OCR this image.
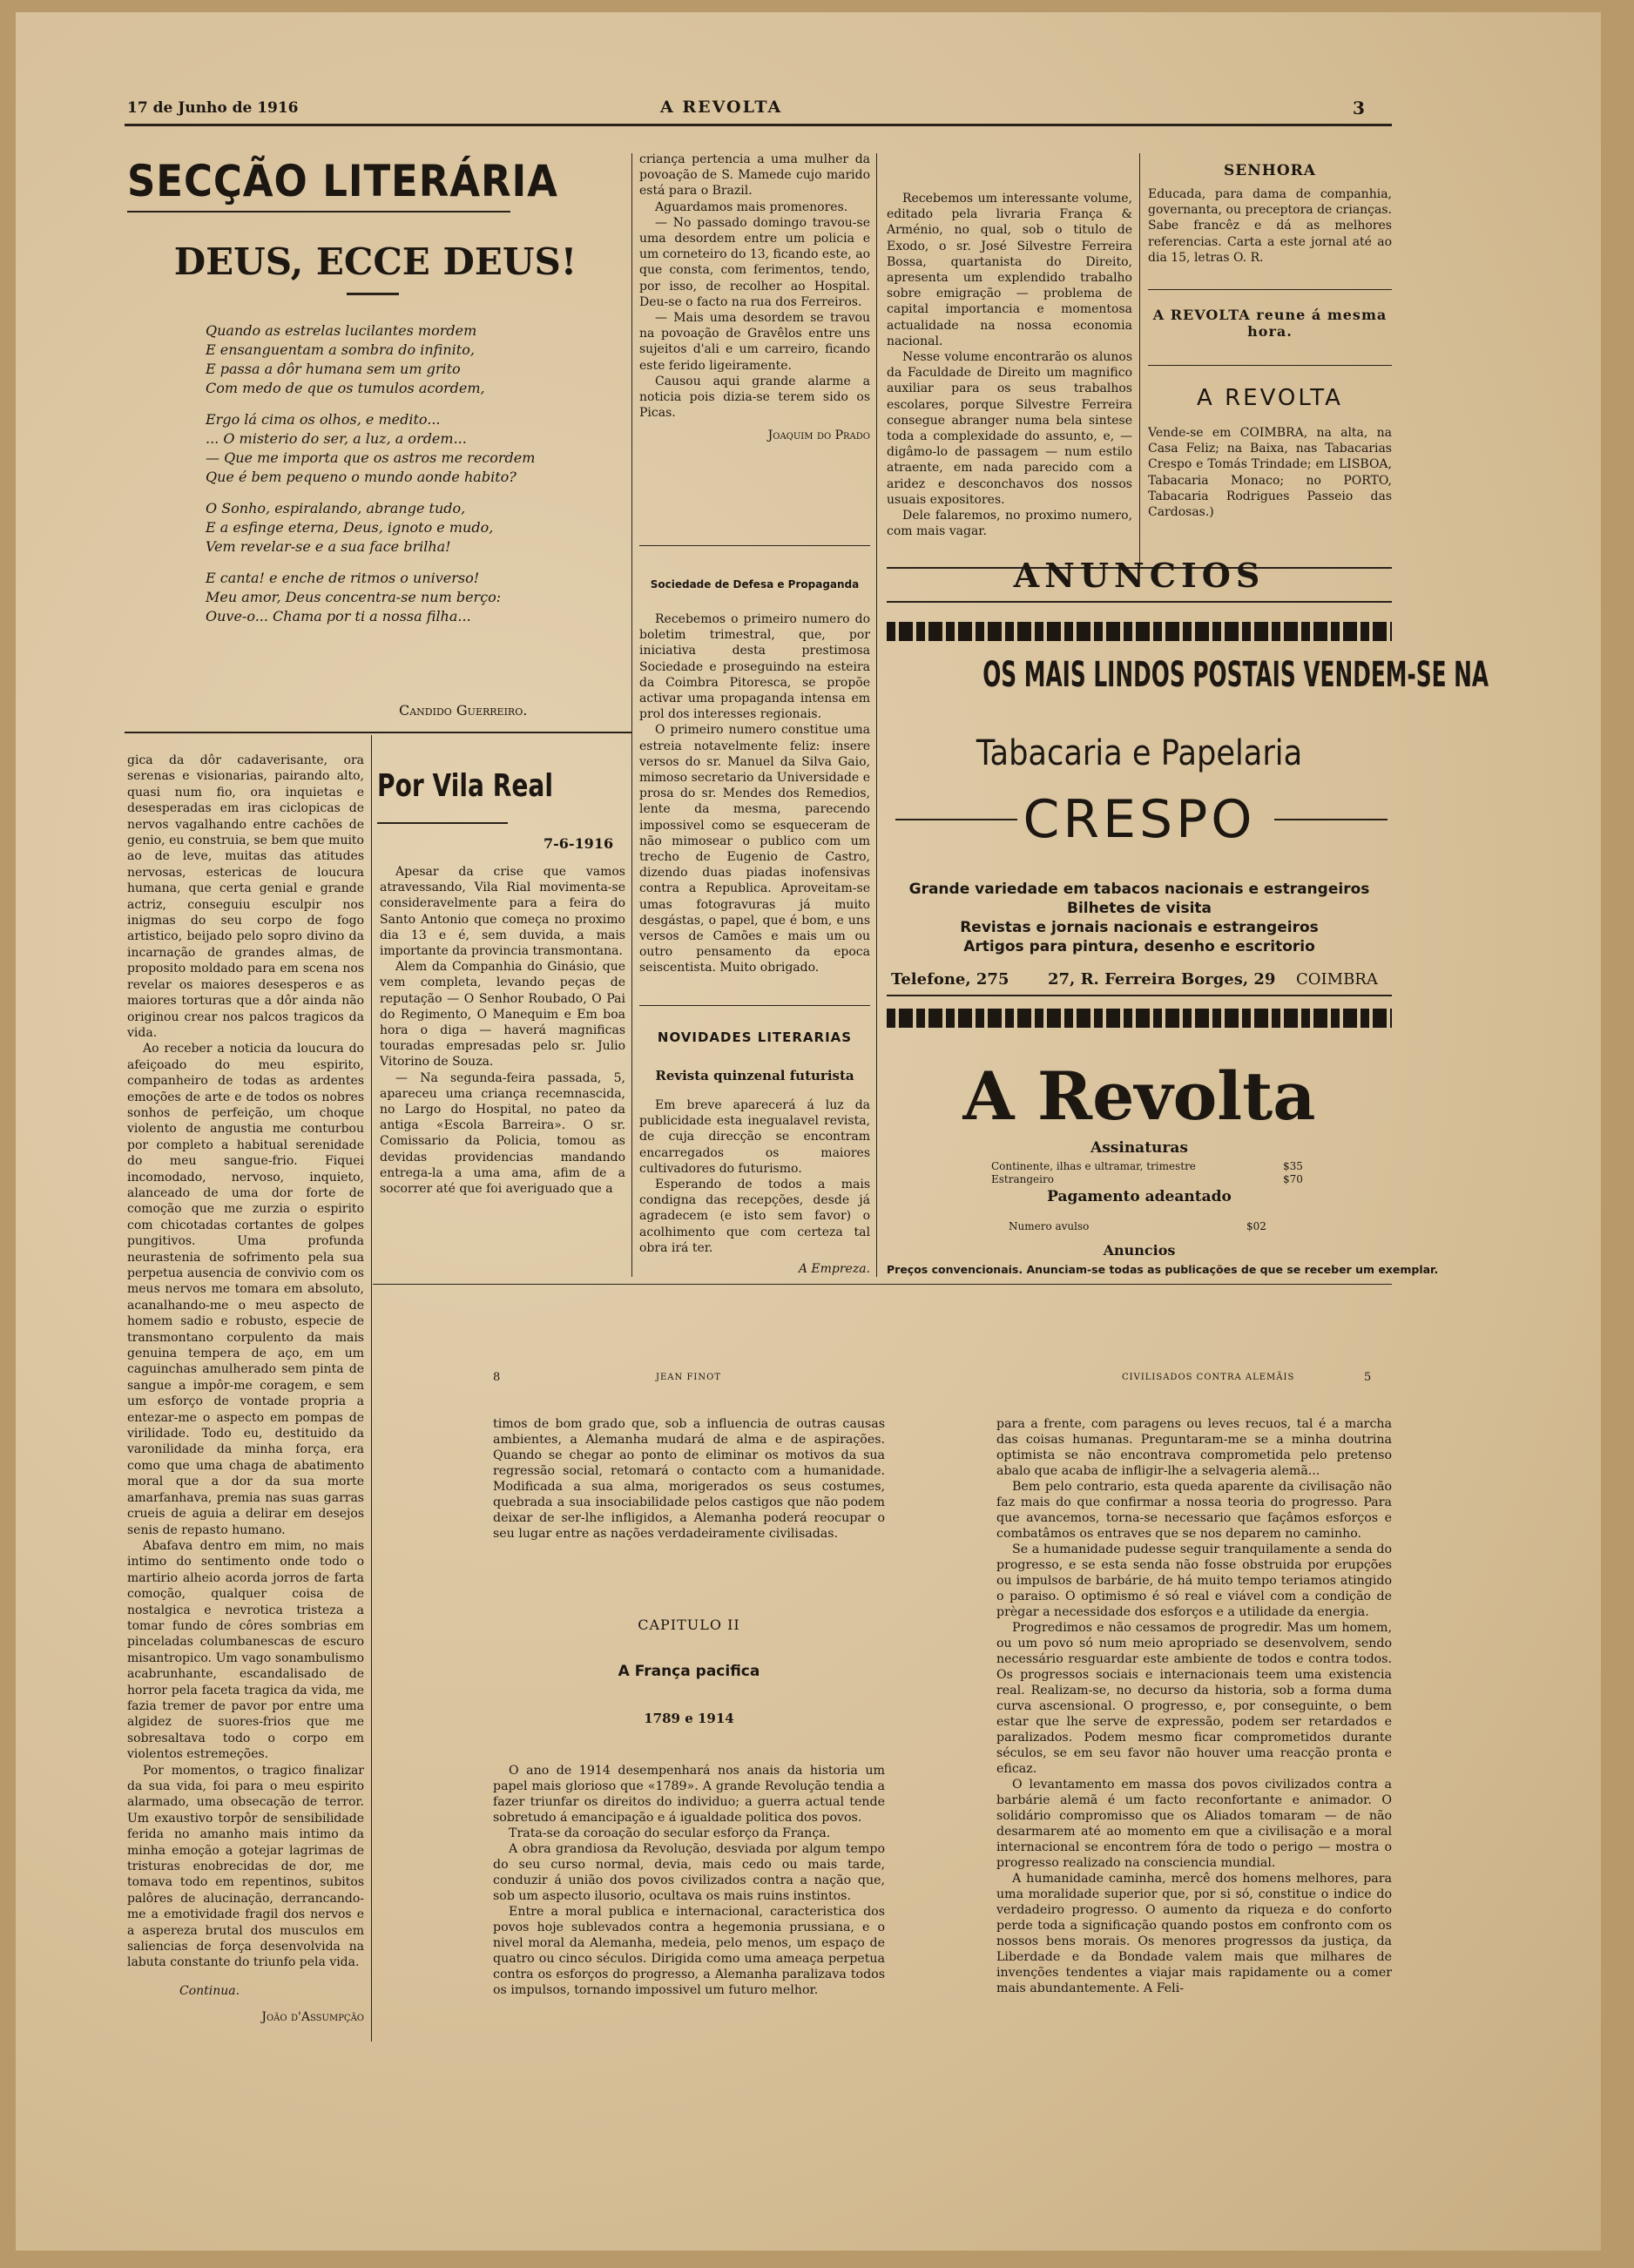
17 de Junho de 1916	A REVOLTA	3
SECÇÃO LITERÁRIA
DEUS, ECCE DEUS!

Quando as estrelas lucilantes mordem

E ensanguentam a sombra do infinito,

E passa a dôr humana sem um grito

Com medo de que os tumulos acordem,

Ergo lá cima os olhos, e medito...

... O misterio do ser, a luz, a ordem...

— Que me importa que os astros me recordem

Que é bem pequeno o mundo aonde habito?

O Sonho, espiralando, abrange tudo,

E a esfinge eterna, Deus, ignoto e mudo,

Vem revelar-se e a sua face brilha!

E canta! e enche de ritmos o universo!

Meu amor, Deus concentra-se num berço:

Ouve-o... Chama por ti a nossa filha...

Candido Guerreiro.

gica da dôr cadaverisante, ora serenas e visionarias, pairando alto, quasi num fio, ora inquietas e desesperadas em iras ciclopicas de nervos vagalhando entre cachões de genio, eu construia, se bem que muito ao de leve, muitas das atitudes nervosas, estericas de loucura humana, que certa genial e grande actriz, conseguiu esculpir nos inigmas do seu corpo de fogo artistico, beijado pelo sopro divino da incarnação de grandes almas, de proposito moldado para em scena nos revelar os maiores desesperos e as maiores torturas que a dôr ainda não originou crear nos palcos tragicos da vida.

Ao receber a noticia da loucura do afeiçoado do meu espirito, companheiro de todas as ardentes emoções de arte e de todos os nobres sonhos de perfeição, um choque violento de angustia me conturbou por completo a habitual serenidade do meu sangue-frio. Fiquei incomodado, nervoso, inquieto, alanceado de uma dor forte de comoção que me zurzia o espirito com chicotadas cortantes de golpes pungitivos. Uma profunda neurastenia de sofrimento pela sua perpetua ausencia de convivio com os meus nervos me tomara em absoluto, acanalhando-me o meu aspecto de homem sadio e robusto, especie de transmontano corpulento da mais genuina tempera de aço, em um caguinchas amulherado sem pinta de sangue a impôr-me coragem, e sem um esforço de vontade propria a entezar-me o aspecto em pompas de virilidade. Todo eu, destituido da varonilidade da minha força, era como que uma chaga de abatimento moral que a dor da sua morte amarfanhava, premia nas suas garras crueis de aguia a delirar em desejos senis de repasto humano.

Abafava dentro em mim, no mais intimo do sentimento onde todo o martirio alheio acorda jorros de farta comoção, qualquer coisa de nostalgica e nevrotica tristeza a tomar fundo de côres sombrias em pinceladas columbanescas de escuro misantropico. Um vago sonambulismo acabrunhante, escandalisado de horror pela faceta tragica da vida, me fazia tremer de pavor por entre uma algidez de suores-frios que me sobresaltava todo o corpo em violentos estremeções.

Por momentos, o tragico finalizar da sua vida, foi para o meu espirito alarmado, uma obsecação de terror. Um exaustivo torpôr de sensibilidade ferida no amanho mais intimo da minha emoção a gotejar lagrimas de tristuras enobrecidas de dor, me tomava todo em repentinos, subitos palôres de alucinação, derrancando-me a emotividade fragil dos nervos e a aspereza brutal dos musculos em saliencias de força desenvolvida na labuta constante do triunfo pela vida.

Continua.
João d'Assumpção
Por Vila Real
7-6-1916

Apesar da crise que vamos atravessando, Vila Rial movimenta-se consideravelmente para a feira do Santo Antonio que começa no proximo dia 13 e é, sem duvida, a mais importante da provincia transmontana.

Alem da Companhia do Ginásio, que vem completa, levando peças de reputação — O Senhor Roubado, O Pai do Regimento, O Manequim e Em boa hora o diga — haverá magnificas touradas empresadas pelo sr. Julio Vitorino de Souza.

— Na segunda-feira passada, 5, apareceu uma criança recemnascida, no Largo do Hospital, no pateo da antiga «Escola Barreira». O sr. Comissario da Policia, tomou as devidas providencias mandando entrega-la a uma ama, afim de a socorrer até que foi averiguado que a

criança pertencia a uma mulher da povoação de S. Mamede cujo marido está para o Brazil.

Aguardamos mais promenores.

— No passado domingo travou-se uma desordem entre um policia e um corneteiro do 13, ficando este, ao que consta, com ferimentos, tendo, por isso, de recolher ao Hospital. Deu-se o facto na rua dos Ferreiros.

— Mais uma desordem se travou na povoação de Gravêlos entre uns sujeitos d'ali e um carreiro, ficando este ferido ligeiramente.

Causou aqui grande alarme a noticia pois dizia-se terem sido os Picas.

Joaquim do Prado
Sociedade de Defesa e Propaganda

Recebemos o primeiro numero do boletim trimestral, que, por iniciativa desta prestimosa Sociedade e proseguindo na esteira da Coimbra Pitoresca, se propõe activar uma propaganda intensa em prol dos interesses regionais.

O primeiro numero constitue uma estreia notavelmente feliz: insere versos do sr. Manuel da Silva Gaio, mimoso secretario da Universidade e prosa do sr. Mendes dos Remedios, lente da mesma, parecendo impossivel como se esqueceram de não mimosear o publico com um trecho de Eugenio de Castro, dizendo duas piadas inofensivas contra a Republica. Aproveitam-se umas fotogravuras já muito desgástas, o papel, que é bom, e uns versos de Camões e mais um ou outro pensamento da epoca seiscentista. Muito obrigado.

NOVIDADES LITERARIAS
Revista quinzenal futurista

Em breve aparecerá á luz da publicidade esta inegualavel revista, de cuja direcção se encontram encarregados os maiores cultivadores do futurismo.

Esperando de todos a mais condigna das recepções, desde já agradecem (e isto sem favor) o acolhimento que com certeza tal obra irá ter.

A Empreza.

Recebemos um interessante volume, editado pela livraria França & Arménio, no qual, sob o titulo de Exodo, o sr. José Silvestre Ferreira Bossa, quartanista do Direito, apresenta um explendido trabalho sobre emigração — problema de capital importancia e momentosa actualidade na nossa economia nacional.

Nesse volume encontrarão os alunos da Faculdade de Direito um magnifico auxiliar para os seus trabalhos escolares, porque Silvestre Ferreira consegue abranger numa bela sintese toda a complexidade do assunto, e, — digâmo-lo de passagem — num estilo atraente, em nada parecido com a aridez e desconchavos dos nossos usuais expositores.

Dele falaremos, no proximo numero, com mais vagar.

SENHORA
Educada, para dama de companhia, governanta, ou preceptora de crianças. Sabe francêz e dá as melhores referencias. Carta a este jornal até ao dia 15, letras O. R.
A REVOLTA reune á mesma hora.
A REVOLTA
Vende-se em COIMBRA, na alta, na Casa Feliz; na Baixa, nas Tabacarias Crespo e Tomás Trindade; em LISBOA, Tabacaria Monaco; no PORTO, Tabacaria Rodrigues Passeio das Cardosas.)
ANUNCIOS
OS MAIS LINDOS POSTAIS VENDEM-SE NA
Tabacaria e Papelaria
CRESPO
Grande variedade em tabacos nacionais e estrangeiros
Bilhetes de visita
Revistas e jornais nacionais e estrangeiros
Artigos para pintura, desenho e escritorio
Telefone, 275 27, R. Ferreira Borges, 29 COIMBRA
A Revolta
Assinaturas
Continente, ilhas e ultramar, trimestre	$35
Estrangeiro	$70
Pagamento adeantado
Numero avulso	$02
Anuncios
Preços convencionais. Anunciam-se todas as publicações de que se receber um exemplar.
8	JEAN FINOT	CIVILISADOS CONTRA ALEMÃIS	5
timos de bom grado que, sob a influencia de outras causas ambientes, a Alemanha mudará de alma e de aspirações. Quando se chegar ao ponto de eliminar os motivos da sua regressão social, retomará o contacto com a humanidade. Modificada a sua alma, morigerados os seus costumes, quebrada a sua insociabilidade pelos castigos que não podem deixar de ser-lhe infligidos, a Alemanha poderá reocupar o seu lugar entre as nações verdadeiramente civilisadas.
CAPITULO II
A França pacifica
1789 e 1914

O ano de 1914 desempenhará nos anais da historia um papel mais glorioso que «1789». A grande Revolução tendia a fazer triunfar os direitos do individuo; a guerra actual tende sobretudo á emancipação e á igualdade politica dos povos.

Trata-se da coroação do secular esforço da França.

A obra grandiosa da Revolução, desviada por algum tempo do seu curso normal, devia, mais cedo ou mais tarde, conduzir á união dos povos civilizados contra a nação que, sob um aspecto ilusorio, ocultava os mais ruins instintos.

Entre a moral publica e internacional, caracteristica dos povos hoje sublevados contra a hegemonia prussiana, e o nivel moral da Alemanha, medeia, pelo menos, um espaço de quatro ou cinco séculos. Dirigida como uma ameaça perpetua contra os esforços do progresso, a Alemanha paralizava todos os impulsos, tornando impossivel um futuro melhor.

para a frente, com paragens ou leves recuos, tal é a marcha das coisas humanas. Preguntaram-me se a minha doutrina optimista se não encontrava comprometida pelo pretenso abalo que acaba de infligir-lhe a selvageria alemã...

Bem pelo contrario, esta queda aparente da civilisação não faz mais do que confirmar a nossa teoria do progresso. Para que avancemos, torna-se necessario que façâmos esforços e combatâmos os entraves que se nos deparem no caminho.

Se a humanidade pudesse seguir tranquilamente a senda do progresso, e se esta senda não fosse obstruida por erupções ou impulsos de barbárie, de há muito tempo teriamos atingido o paraiso. O optimismo é só real e viável com a condição de prègar a necessidade dos esforços e a utilidade da energia.

Progredimos e não cessamos de progredir. Mas um homem, ou um povo só num meio apropriado se desenvolvem, sendo necessário resguardar este ambiente de todos e contra todos. Os progressos sociais e internacionais teem uma existencia real. Realizam-se, no decurso da historia, sob a forma duma curva ascensional. O progresso, e, por conseguinte, o bem estar que lhe serve de expressão, podem ser retardados e paralizados. Podem mesmo ficar comprometidos durante séculos, se em seu favor não houver uma reacção pronta e eficaz.

O levantamento em massa dos povos civilizados contra a barbárie alemã é um facto reconfortante e animador. O solidário compromisso que os Aliados tomaram — de não desarmarem até ao momento em que a civilisação e a moral internacional se encontrem fóra de todo o perigo — mostra o progresso realizado na consciencia mundial.

A humanidade caminha, mercê dos homens melhores, para uma moralidade superior que, por si só, constitue o indice do verdadeiro progresso. O aumento da riqueza e do conforto perde toda a significação quando postos em confronto com os nossos bens morais. Os menores progressos da justiça, da Liberdade e da Bondade valem mais que milhares de invenções tendentes a viajar mais rapidamente ou a comer mais abundantemente. A Feli-
